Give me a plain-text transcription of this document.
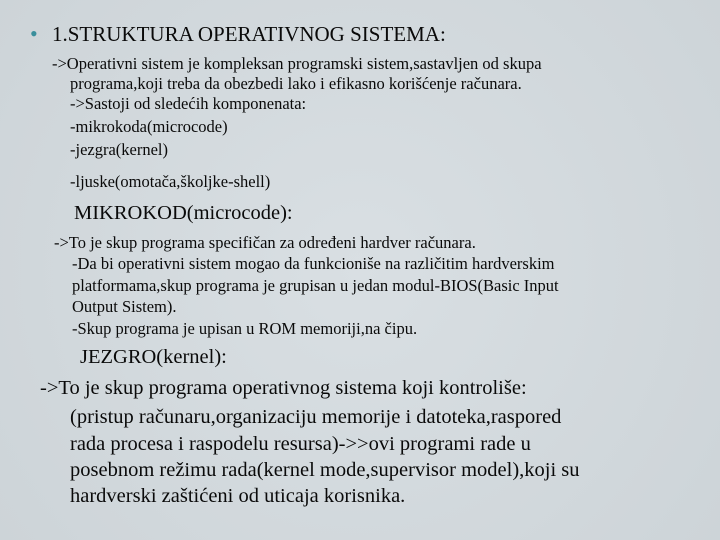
• 1.STRUKTURA OPERATIVNOG SISTEMA:

->Operativni sistem je kompleksan programski sistem,sastavljen od skupa

programa,koji treba da obezbedi lako i efikasno korišćenje računara.

->Sastoji od sledećih komponenata:

-mikrokoda(microcode)

-jezgra(kernel)

-ljuske(omotača,školjke-shell)

MIKROKOD(microcode):

->To je skup programa specifičan za određeni hardver računara.

-Da bi operativni sistem mogao da funkcioniše na različitim hardverskim

platformama,skup programa je grupisan u jedan modul-BIOS(Basic Input

Output Sistem).

-Skup programa je upisan u ROM memoriji,na čipu.

JEZGRO(kernel):

->To je skup programa operativnog sistema koji kontroliše:

(pristup računaru,organizaciju memorije i datoteka,raspored

rada procesa i raspodelu resursa)->>ovi programi rade u

posebnom režimu rada(kernel mode,supervisor model),koji su

hardverski zaštićeni od uticaja korisnika.
